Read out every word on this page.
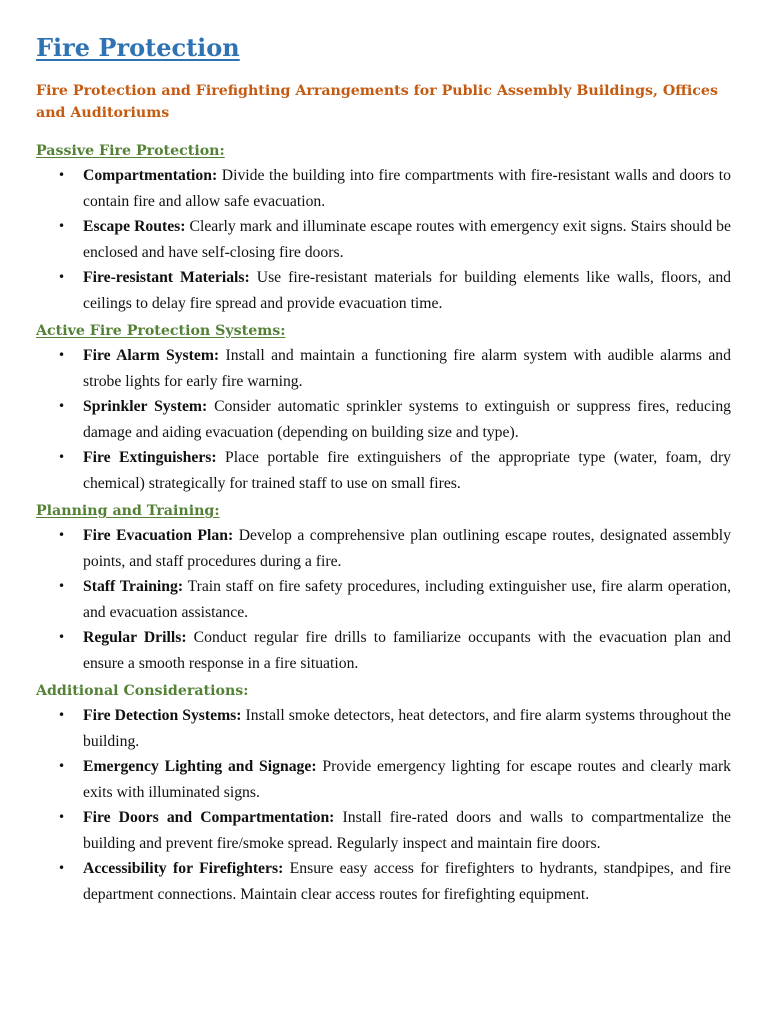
Fire Protection
Fire Protection and Firefighting Arrangements for Public Assembly Buildings, Offices and Auditoriums
Passive Fire Protection:
• Compartmentation: Divide the building into fire compartments with fire-resistant walls and doors to contain fire and allow safe evacuation.
• Escape Routes: Clearly mark and illuminate escape routes with emergency exit signs. Stairs should be enclosed and have self-closing fire doors.
• Fire-resistant Materials: Use fire-resistant materials for building elements like walls, floors, and ceilings to delay fire spread and provide evacuation time.
Active Fire Protection Systems:
• Fire Alarm System: Install and maintain a functioning fire alarm system with audible alarms and strobe lights for early fire warning.
• Sprinkler System: Consider automatic sprinkler systems to extinguish or suppress fires, reducing damage and aiding evacuation (depending on building size and type).
• Fire Extinguishers: Place portable fire extinguishers of the appropriate type (water, foam, dry chemical) strategically for trained staff to use on small fires.
Planning and Training:
• Fire Evacuation Plan: Develop a comprehensive plan outlining escape routes, designated assembly points, and staff procedures during a fire.
• Staff Training: Train staff on fire safety procedures, including extinguisher use, fire alarm operation, and evacuation assistance.
• Regular Drills: Conduct regular fire drills to familiarize occupants with the evacuation plan and ensure a smooth response in a fire situation.
Additional Considerations:
• Fire Detection Systems: Install smoke detectors, heat detectors, and fire alarm systems throughout the building.
• Emergency Lighting and Signage: Provide emergency lighting for escape routes and clearly mark exits with illuminated signs.
• Fire Doors and Compartmentation: Install fire-rated doors and walls to compartmentalize the building and prevent fire/smoke spread. Regularly inspect and maintain fire doors.
• Accessibility for Firefighters: Ensure easy access for firefighters to hydrants, standpipes, and fire department connections. Maintain clear access routes for firefighting equipment.
